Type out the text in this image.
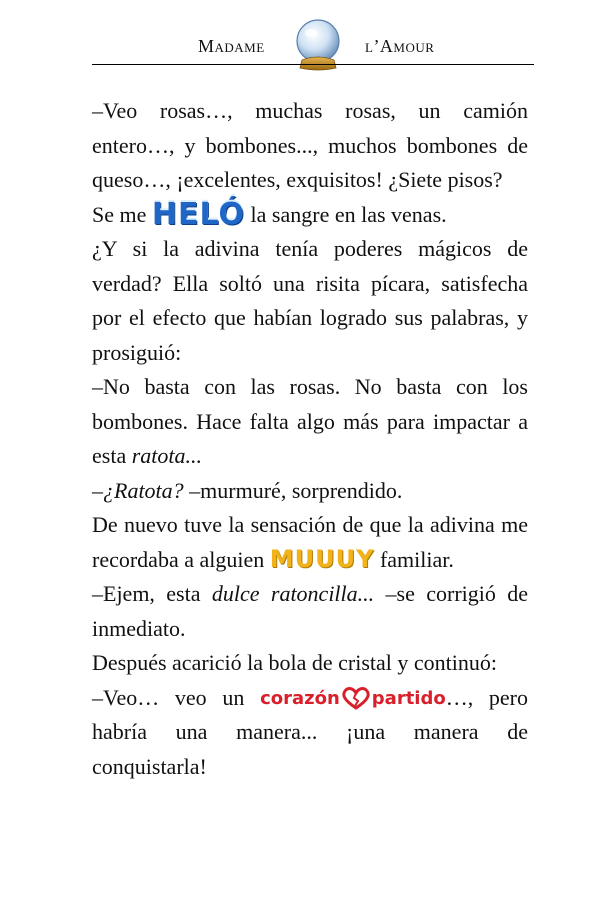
Madame	l’Amour

–Veo rosas…, muchas rosas, un camión entero…, y bombones..., muchos bombones de queso…, ¡excelentes, exquisitos! ¿Siete pisos?

Se me HELÓ la sangre en las venas.

¿Y si la adivina tenía poderes mágicos de verdad? Ella soltó una risita pícara, satisfecha por el efecto que habían logrado sus palabras, y prosiguió:

–No basta con las rosas. No basta con los bombones. Hace falta algo más para impactar a esta ratota...

–¿Ratota? –murmuré, sorprendido.

De nuevo tuve la sensación de que la adivina me recordaba a alguien MUUUY familiar.

–Ejem, esta dulce ratoncilla... –se corrigió de inmediato.

Después acarició la bola de cristal y continuó:

–Veo… veo un corazón partido…, pero habría una manera... ¡una manera de conquistarla!
